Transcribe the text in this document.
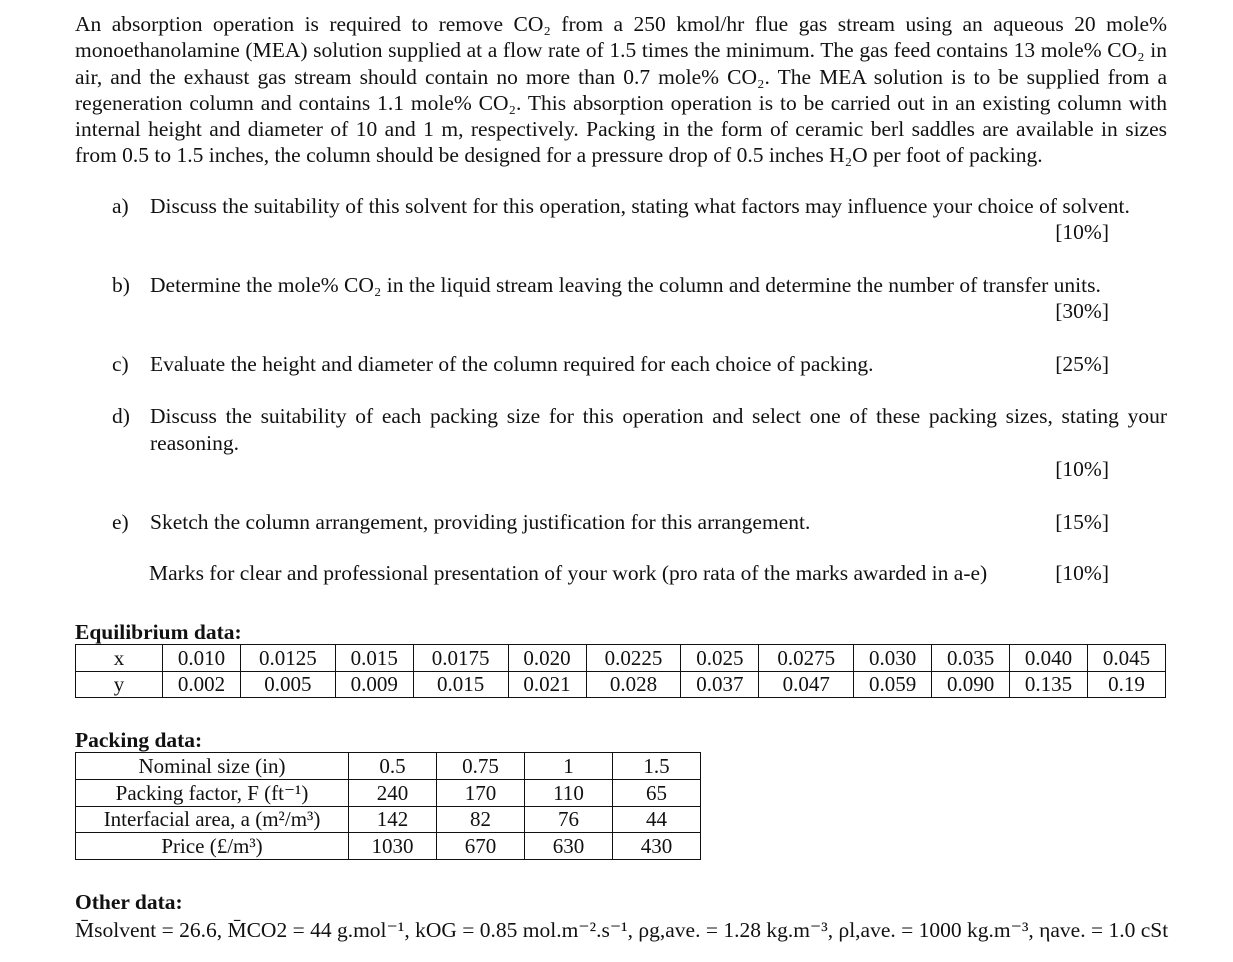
An absorption operation is required to remove CO₂ from a 250 kmol/hr flue gas stream using an aqueous 20 mole% monoethanolamine (MEA) solution supplied at a flow rate of 1.5 times the minimum. The gas feed contains 13 mole% CO₂ in air, and the exhaust gas stream should contain no more than 0.7 mole% CO₂. The MEA solution is to be supplied from a regeneration column and contains 1.1 mole% CO₂. This absorption operation is to be carried out in an existing column with internal height and diameter of 10 and 1 m, respectively. Packing in the form of ceramic berl saddles are available in sizes from 0.5 to 1.5 inches, the column should be designed for a pressure drop of 0.5 inches H₂O per foot of packing.

a) Discuss the suitability of this solvent for this operation, stating what factors may influence your choice of solvent.
[10%]
b) Determine the mole% CO₂ in the liquid stream leaving the column and determine the number of transfer units.
[30%]
c) Evaluate the height and diameter of the column required for each choice of packing.	[25%]
d) Discuss the suitability of each packing size for this operation and select one of these packing sizes, stating your reasoning.
[10%]
e) Sketch the column arrangement, providing justification for this arrangement.	[15%]
Marks for clear and professional presentation of your work (pro rata of the marks awarded in a-e)	[10%]
Equilibrium data:
x	0.010	0.0125	0.015	0.0175	0.020	0.0225	0.025	0.0275	0.030	0.035	0.040	0.045
y	0.002	0.005	0.009	0.015	0.021	0.028	0.037	0.047	0.059	0.090	0.135	0.19
Packing data:
Nominal size (in)	0.5	0.75	1	1.5
Packing factor, F (ft⁻¹)	240	170	110	65
Interfacial area, a (m²/m³)	142	82	76	44
Price (£/m³)	1030	670	630	430
Other data:
M̄solvent = 26.6, M̄CO2 = 44 g.mol⁻¹, kOG = 0.85 mol.m⁻².s⁻¹, ρg,ave. = 1.28 kg.m⁻³, ρl,ave. = 1000 kg.m⁻³, ηave. = 1.0 cSt
